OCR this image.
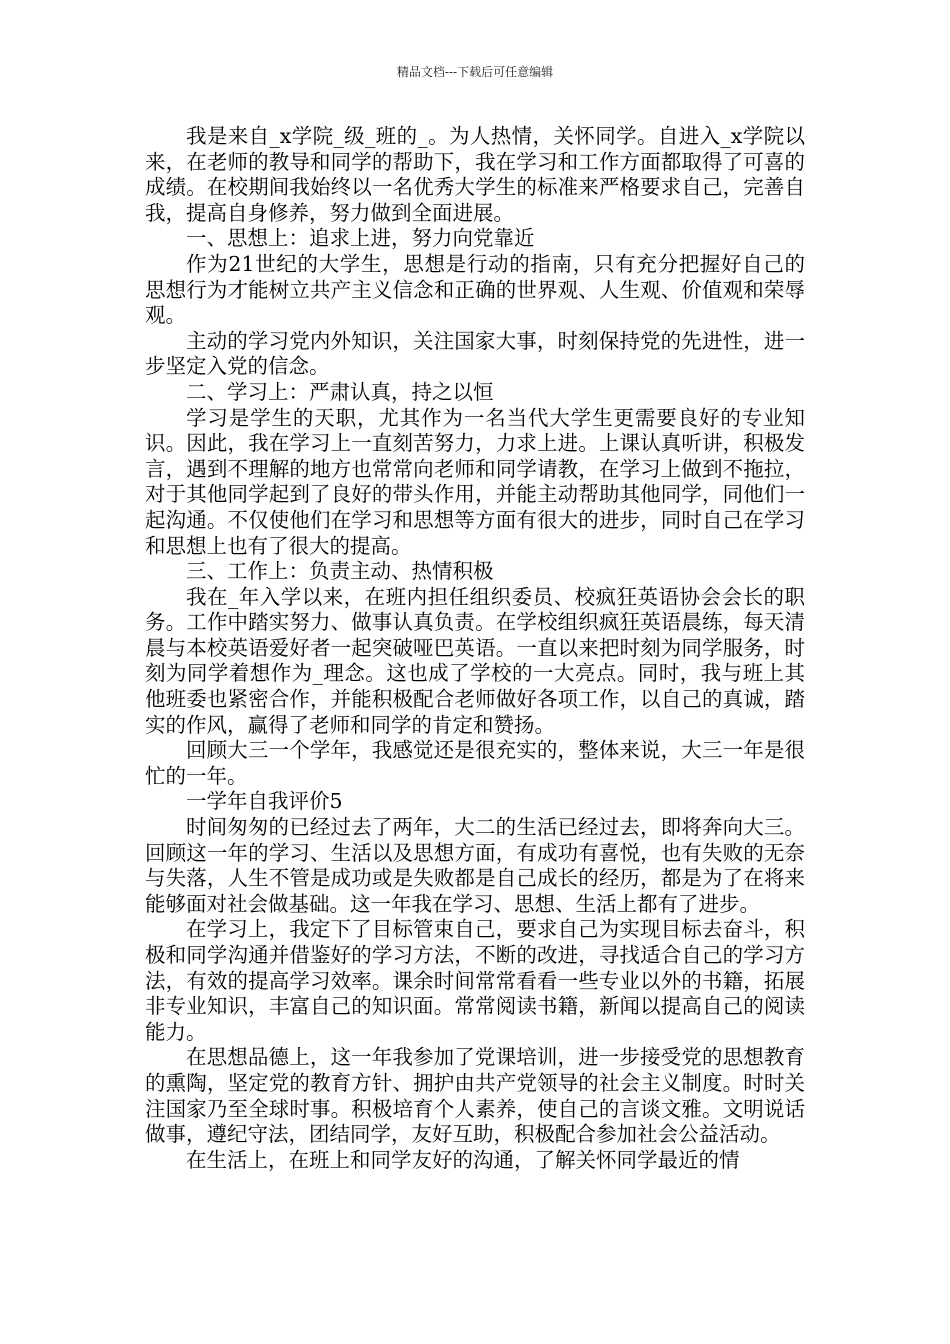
精品文档---下载后可任意编辑

我是来自_x学院_级_班的_。为人热情，关怀同学。自进入_x学院以来，在老师的教导和同学的帮助下，我在学习和工作方面都取得了可喜的成绩。在校期间我始终以一名优秀大学生的标准来严格要求自己，完善自我，提高自身修养，努力做到全面进展。

一、思想上：追求上进，努力向党靠近

作为21世纪的大学生，思想是行动的指南，只有充分把握好自己的思想行为才能树立共产主义信念和正确的世界观、人生观、价值观和荣辱观。

主动的学习党内外知识，关注国家大事，时刻保持党的先进性，进一步坚定入党的信念。

二、学习上：严肃认真，持之以恒

学习是学生的天职，尤其作为一名当代大学生更需要良好的专业知识。因此，我在学习上一直刻苦努力，力求上进。上课认真听讲，积极发言，遇到不理解的地方也常常向老师和同学请教，在学习上做到不拖拉，对于其他同学起到了良好的带头作用，并能主动帮助其他同学，同他们一起沟通。不仅使他们在学习和思想等方面有很大的进步，同时自己在学习和思想上也有了很大的提高。

三、工作上：负责主动、热情积极

我在_年入学以来，在班内担任组织委员、校疯狂英语协会会长的职务。工作中踏实努力、做事认真负责。在学校组织疯狂英语晨练，每天清晨与本校英语爱好者一起突破哑巴英语。一直以来把时刻为同学服务，时刻为同学着想作为_理念。这也成了学校的一大亮点。同时，我与班上其他班委也紧密合作，并能积极配合老师做好各项工作，以自己的真诚，踏实的作风，赢得了老师和同学的肯定和赞扬。

回顾大三一个学年，我感觉还是很充实的，整体来说，大三一年是很忙的一年。

一学年自我评价5

时间匆匆的已经过去了两年，大二的生活已经过去，即将奔向大三。回顾这一年的学习、生活以及思想方面，有成功有喜悦，也有失败的无奈与失落，人生不管是成功或是失败都是自己成长的经历，都是为了在将来能够面对社会做基础。这一年我在学习、思想、生活上都有了进步。

在学习上，我定下了目标管束自己，要求自己为实现目标去奋斗，积极和同学沟通并借鉴好的学习方法，不断的改进，寻找适合自己的学习方法，有效的提高学习效率。课余时间常常看看一些专业以外的书籍，拓展非专业知识，丰富自己的知识面。常常阅读书籍，新闻以提高自己的阅读能力。

在思想品德上，这一年我参加了党课培训，进一步接受党的思想教育的熏陶，坚定党的教育方针、拥护由共产党领导的社会主义制度。时时关注国家乃至全球时事。积极培育个人素养，使自己的言谈文雅。文明说话做事，遵纪守法，团结同学，友好互助，积极配合参加社会公益活动。

在生活上，在班上和同学友好的沟通，了解关怀同学最近的情
